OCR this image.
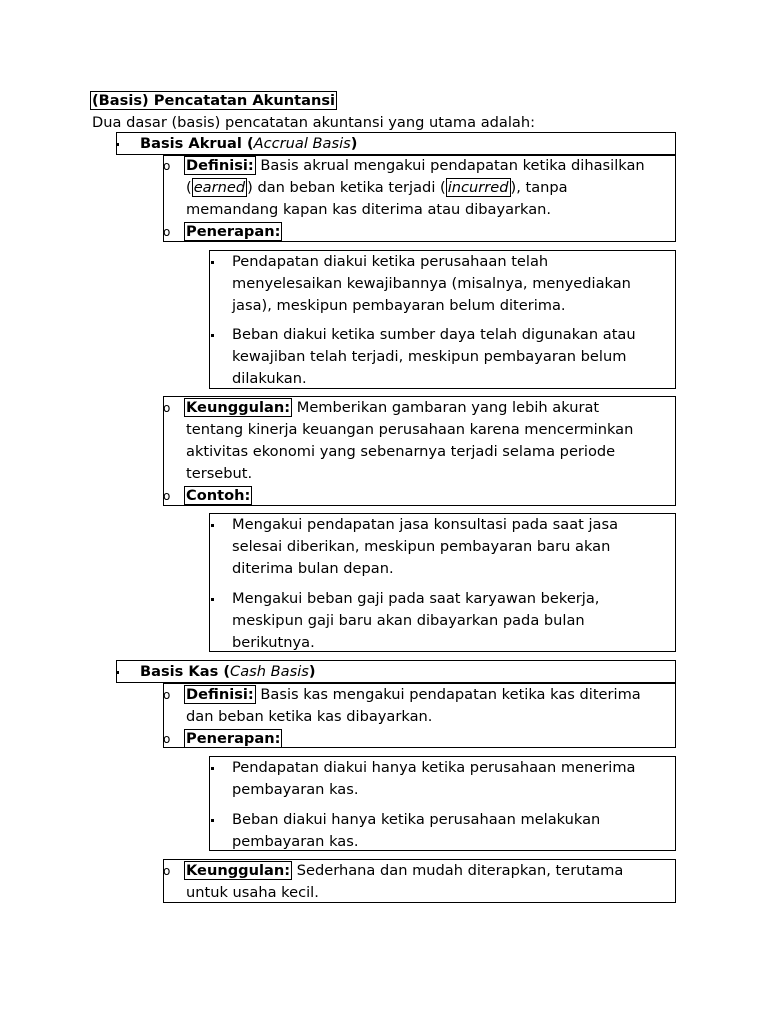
(Basis) Pencatatan Akuntansi
Dua dasar (basis) pencatatan akuntansi yang utama adalah:
Basis Akrual (Accrual Basis)
o Definisi: Basis akrual mengakui pendapatan ketika dihasilkan
( earned ) dan beban ketika terjadi ( incurred ), tanpa
memandang kapan kas diterima atau dibayarkan.
o Penerapan:
Pendapatan diakui ketika perusahaan telah
menyelesaikan kewajibannya (misalnya, menyediakan
jasa), meskipun pembayaran belum diterima.
Beban diakui ketika sumber daya telah digunakan atau
kewajiban telah terjadi, meskipun pembayaran belum
dilakukan.
o Keunggulan: Memberikan gambaran yang lebih akurat
tentang kinerja keuangan perusahaan karena mencerminkan
aktivitas ekonomi yang sebenarnya terjadi selama periode
tersebut.
o Contoh:
Mengakui pendapatan jasa konsultasi pada saat jasa
selesai diberikan, meskipun pembayaran baru akan
diterima bulan depan.
Mengakui beban gaji pada saat karyawan bekerja,
meskipun gaji baru akan dibayarkan pada bulan
berikutnya.
Basis Kas (Cash Basis)
o Definisi: Basis kas mengakui pendapatan ketika kas diterima
dan beban ketika kas dibayarkan.
o Penerapan:
Pendapatan diakui hanya ketika perusahaan menerima
pembayaran kas.
Beban diakui hanya ketika perusahaan melakukan
pembayaran kas.
o Keunggulan: Sederhana dan mudah diterapkan, terutama
untuk usaha kecil.
